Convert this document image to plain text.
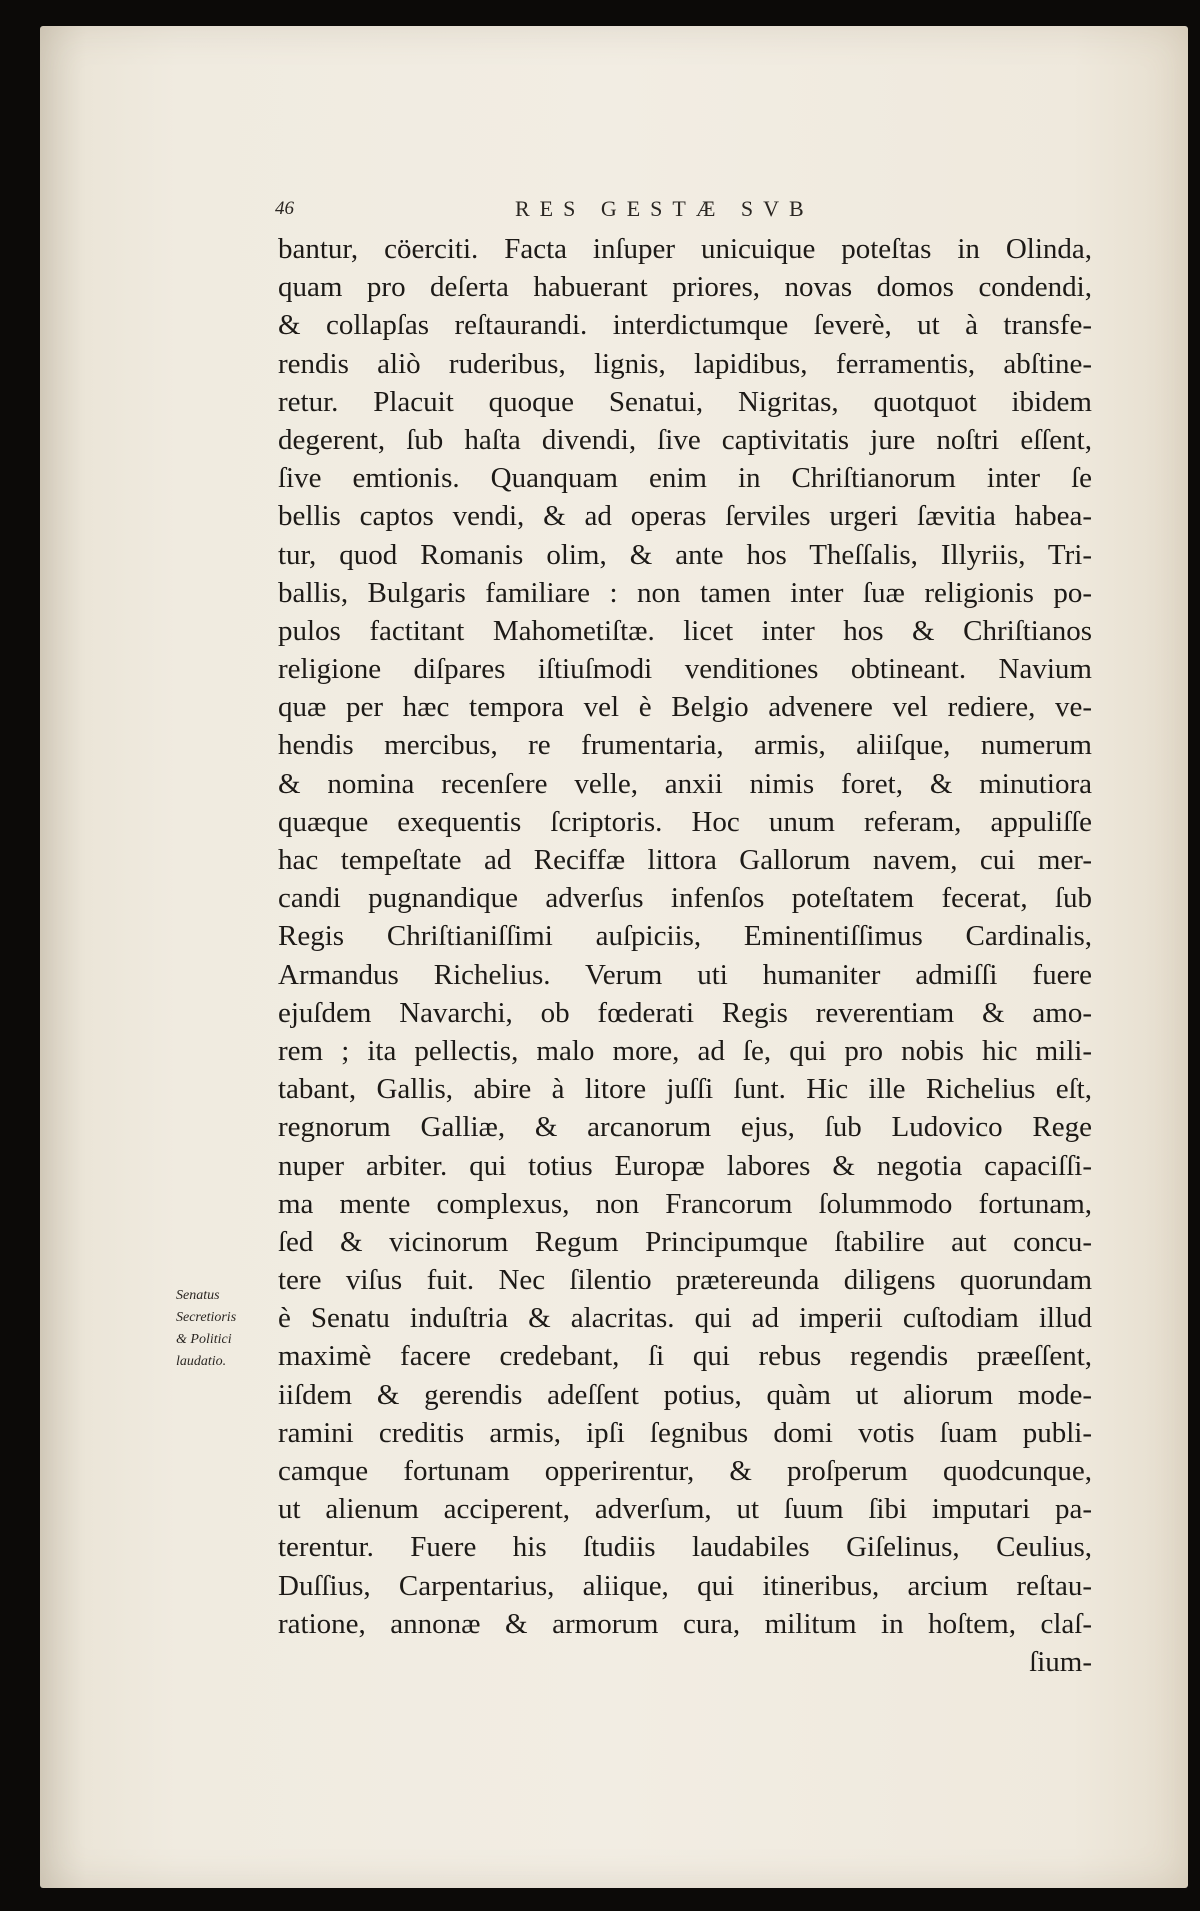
46	RES GESTÆ SVB
Senatus
Secretioris
& Politici
laudatio.
bantur, cöerciti. Facta inſuper unicuique poteſtas in Olinda,
quam pro deſerta habuerant priores, novas domos condendi,
& collapſas reſtaurandi. interdictumque ſeverè, ut à transfe-
rendis aliò ruderibus, lignis, lapidibus, ferramentis, abſtine-
retur. Placuit quoque Senatui, Nigritas, quotquot ibidem
degerent, ſub haſta divendi, ſive captivitatis jure noſtri eſſent,
ſive emtionis. Quanquam enim in Chriſtianorum inter ſe
bellis captos vendi, & ad operas ſerviles urgeri ſævitia habea-
tur, quod Romanis olim, & ante hos Theſſalis, Illyriis, Tri-
ballis, Bulgaris familiare : non tamen inter ſuæ religionis po-
pulos factitant Mahometiſtæ. licet inter hos & Chriſtianos
religione diſpares iſtiuſmodi venditiones obtineant. Navium
quæ per hæc tempora vel è Belgio advenere vel rediere, ve-
hendis mercibus, re frumentaria, armis, aliiſque, numerum
& nomina recenſere velle, anxii nimis foret, & minutiora
quæque exequentis ſcriptoris. Hoc unum referam, appuliſſe
hac tempeſtate ad Reciffæ littora Gallorum navem, cui mer-
candi pugnandique adverſus infenſos poteſtatem fecerat, ſub
Regis Chriſtianiſſimi auſpiciis, Eminentiſſimus Cardinalis,
Armandus Richelius. Verum uti humaniter admiſſi fuere
ejuſdem Navarchi, ob fœderati Regis reverentiam & amo-
rem ; ita pellectis, malo more, ad ſe, qui pro nobis hic mili-
tabant, Gallis, abire à litore juſſi ſunt. Hic ille Richelius eſt,
regnorum Galliæ, & arcanorum ejus, ſub Ludovico Rege
nuper arbiter. qui totius Europæ labores & negotia capaciſſi-
ma mente complexus, non Francorum ſolummodo fortunam,
ſed & vicinorum Regum Principumque ſtabilire aut concu-
tere viſus fuit. Nec ſilentio prætereunda diligens quorundam
è Senatu induſtria & alacritas. qui ad imperii cuſtodiam illud
maximè facere credebant, ſi qui rebus regendis præeſſent,
iiſdem & gerendis adeſſent potius, quàm ut aliorum mode-
ramini creditis armis, ipſi ſegnibus domi votis ſuam publi-
camque fortunam opperirentur, & proſperum quodcunque,
ut alienum acciperent, adverſum, ut ſuum ſibi imputari pa-
terentur. Fuere his ſtudiis laudabiles Giſelinus, Ceulius,
Duſſius, Carpentarius, aliique, qui itineribus, arcium reſtau-
ratione, annonæ & armorum cura, militum in hoſtem, claſ-
ſium-
